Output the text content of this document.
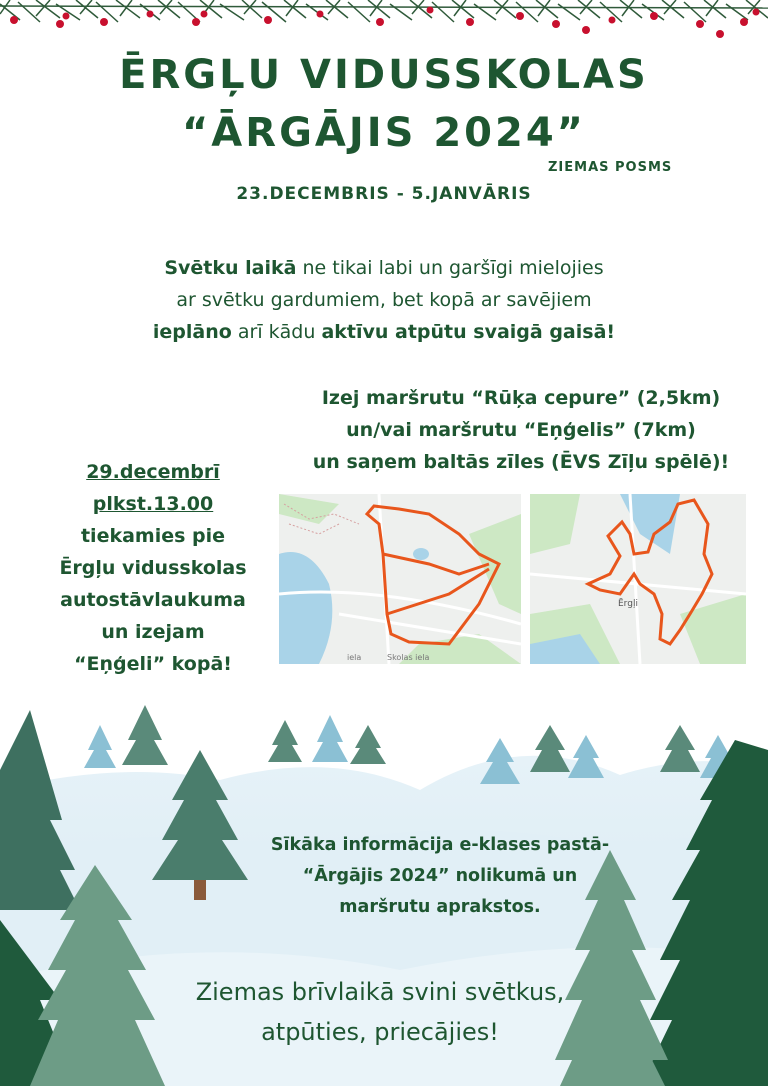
ĒRGĻU VIDUSSKOLAS
“ĀRGĀJIS 2024”
ZIEMAS POSMS
23.DECEMBRIS - 5.JANVĀRIS
Svētku laikā ne tikai labi un garšīgi mielojies
ar svētku gardumiem, bet kopā ar savējiem
ieplāno arī kādu aktīvu atpūtu svaigā gaisā!
Izej maršrutu “Rūķa cepure” (2,5km)
un/vai maršrutu “Eņģelis” (7km)
un saņem baltās zīles (ĒVS Zīļu spēlē)!
29.decembrī
plkst.13.00
tiekamies pie
Ērgļu vidusskolas
autostāvlaukuma
un izejam
“Eņģeli” kopā!	Skolas iela
iela
Ērgļi
Sīkāka informācija e-klases pastā-
“Ārgājis 2024” nolikumā un
maršrutu aprakstos.
Ziemas brīvlaikā svini svētkus,
atpūties, priecājies!
